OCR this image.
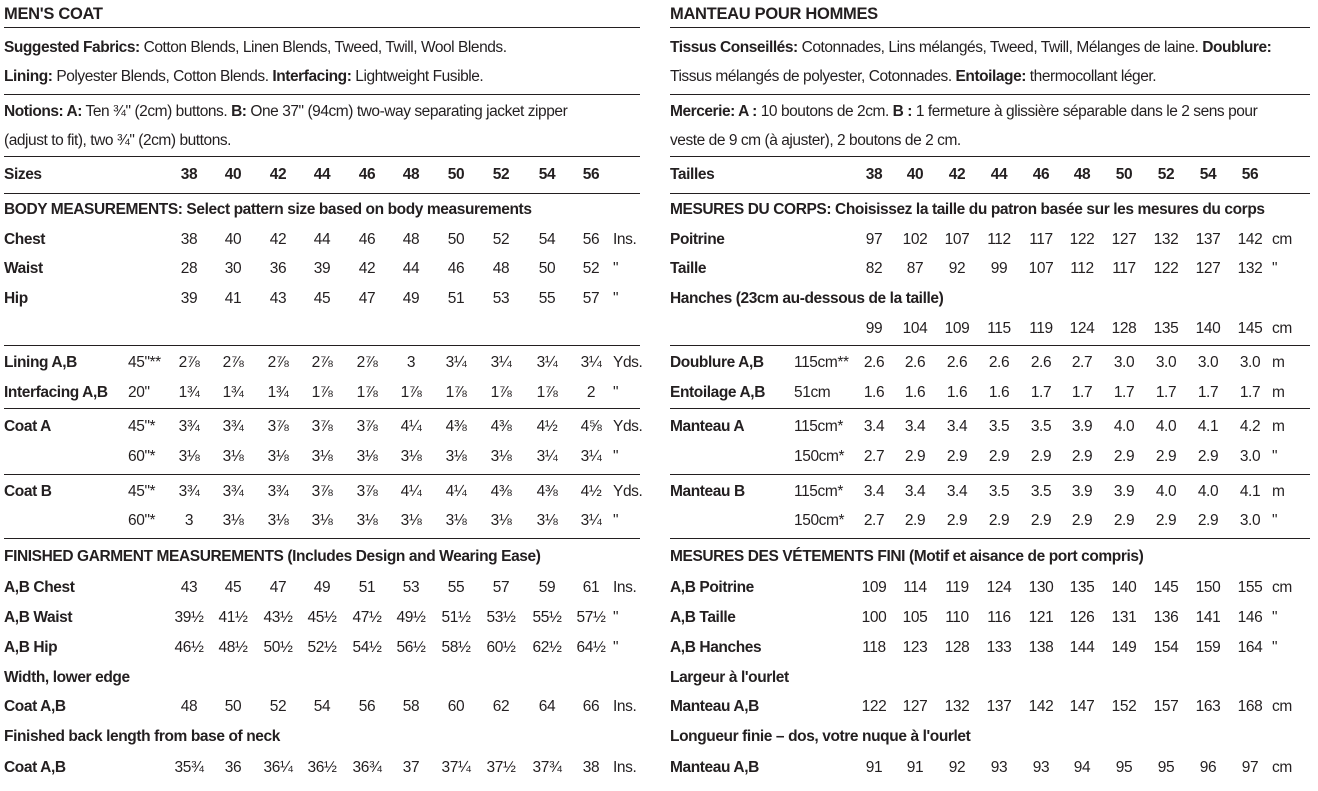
MEN'S COAT
Suggested Fabrics: Cotton Blends, Linen Blends, Tweed, Twill, Wool Blends.
Lining: Polyester Blends, Cotton Blends. Interfacing: Lightweight Fusible.
Notions: A: Ten ¾" (2cm) buttons. B: One 37" (94cm) two-way separating jacket zipper
(adjust to fit), two ¾" (2cm) buttons.
Sizes	38 40 42 44 46 48 50 52 54 56
BODY MEASUREMENTS: Select pattern size based on body measurements
Chest	38 40 42 44 46 48 50 52 54 56 Ins.
Waist	28 30 36 39 42 44 46 48 50 52 "
Hip	39 41 43 45 47 49 51 53 55 57 "
Lining A,B	45"** 2⅞ 2⅞ 2⅞ 2⅞ 2⅞ 3 3¼ 3¼ 3¼ 3¼ Yds.
Interfacing A,B 20" 1¾ 1¾ 1¾ 1⅞ 1⅞ 1⅞ 1⅞ 1⅞ 1⅞ 2 "
Coat A	45"* 3¾ 3¾ 3⅞ 3⅞ 3⅞ 4¼ 4⅜ 4⅜ 4½ 4⅝ Yds.
60"* 3⅛ 3⅛ 3⅛ 3⅛ 3⅛ 3⅛ 3⅛ 3⅛ 3¼ 3¼ "
Coat B	45"* 3¾ 3¾ 3¾ 3⅞ 3⅞ 4¼ 4¼ 4⅜ 4⅜ 4½ Yds.
60"* 3 3⅛ 3⅛ 3⅛ 3⅛ 3⅛ 3⅛ 3⅛ 3⅛ 3¼ "
FINISHED GARMENT MEASUREMENTS (Includes Design and Wearing Ease)
A,B Chest	43 45 47 49 51 53 55 57 59 61 Ins.
A,B Waist	39½ 41½ 43½ 45½ 47½ 49½ 51½ 53½ 55½ 57½ "
A,B Hip	46½ 48½ 50½ 52½ 54½ 56½ 58½ 60½ 62½ 64½ "
Width, lower edge
Coat A,B	48 50 52 54 56 58 60 62 64 66 Ins.
Finished back length from base of neck
Coat A,B	35¾ 36 36¼ 36½ 36¾ 37 37¼ 37½ 37¾ 38 Ins.
MANTEAU POUR HOMMES
Tissus Conseillés: Cotonnades, Lins mélangés, Tweed, Twill, Mélanges de laine. Doublure:
Tissus mélangés de polyester, Cotonnades. Entoilage: thermocollant léger.
Mercerie: A : 10 boutons de 2cm. B : 1 fermeture à glissière séparable dans le 2 sens pour
veste de 9 cm (à ajuster), 2 boutons de 2 cm.
Tailles	38 40 42 44 46 48 50 52 54 56
MESURES DU CORPS: Choisissez la taille du patron basée sur les mesures du corps
Poitrine	97 102 107 112 117 122 127 132 137 142 cm
Taille	82 87 92 99 107 112 117 122 127 132 "
Hanches (23cm au-dessous de la taille)
99 104 109 115 119 124 128 135 140 145 cm
Doublure A,B 115cm** 2.6 2.6 2.6 2.6 2.6 2.7 3.0 3.0 3.0 3.0 m
Entoilage A,B 51cm 1.6 1.6 1.6 1.6 1.7 1.7 1.7 1.7 1.7 1.7 m
Manteau A	115cm* 3.4 3.4 3.4 3.5 3.5 3.9 4.0 4.0 4.1 4.2 m
150cm* 2.7 2.9 2.9 2.9 2.9 2.9 2.9 2.9 2.9 3.0 "
Manteau B	115cm* 3.4 3.4 3.4 3.5 3.5 3.9 3.9 4.0 4.0 4.1 m
150cm* 2.7 2.9 2.9 2.9 2.9 2.9 2.9 2.9 2.9 3.0 "
MESURES DES VÉTEMENTS FINI (Motif et aisance de port compris)
A,B Poitrine	109 114 119 124 130 135 140 145 150 155 cm
A,B Taille	100 105 110 116 121 126 131 136 141 146 "
A,B Hanches	118 123 128 133 138 144 149 154 159 164 "
Largeur à l'ourlet
Manteau A,B	122 127 132 137 142 147 152 157 163 168 cm
Longueur finie – dos, votre nuque à l'ourlet
Manteau A,B	91 91 92 93 93 94 95 95 96 97 cm
